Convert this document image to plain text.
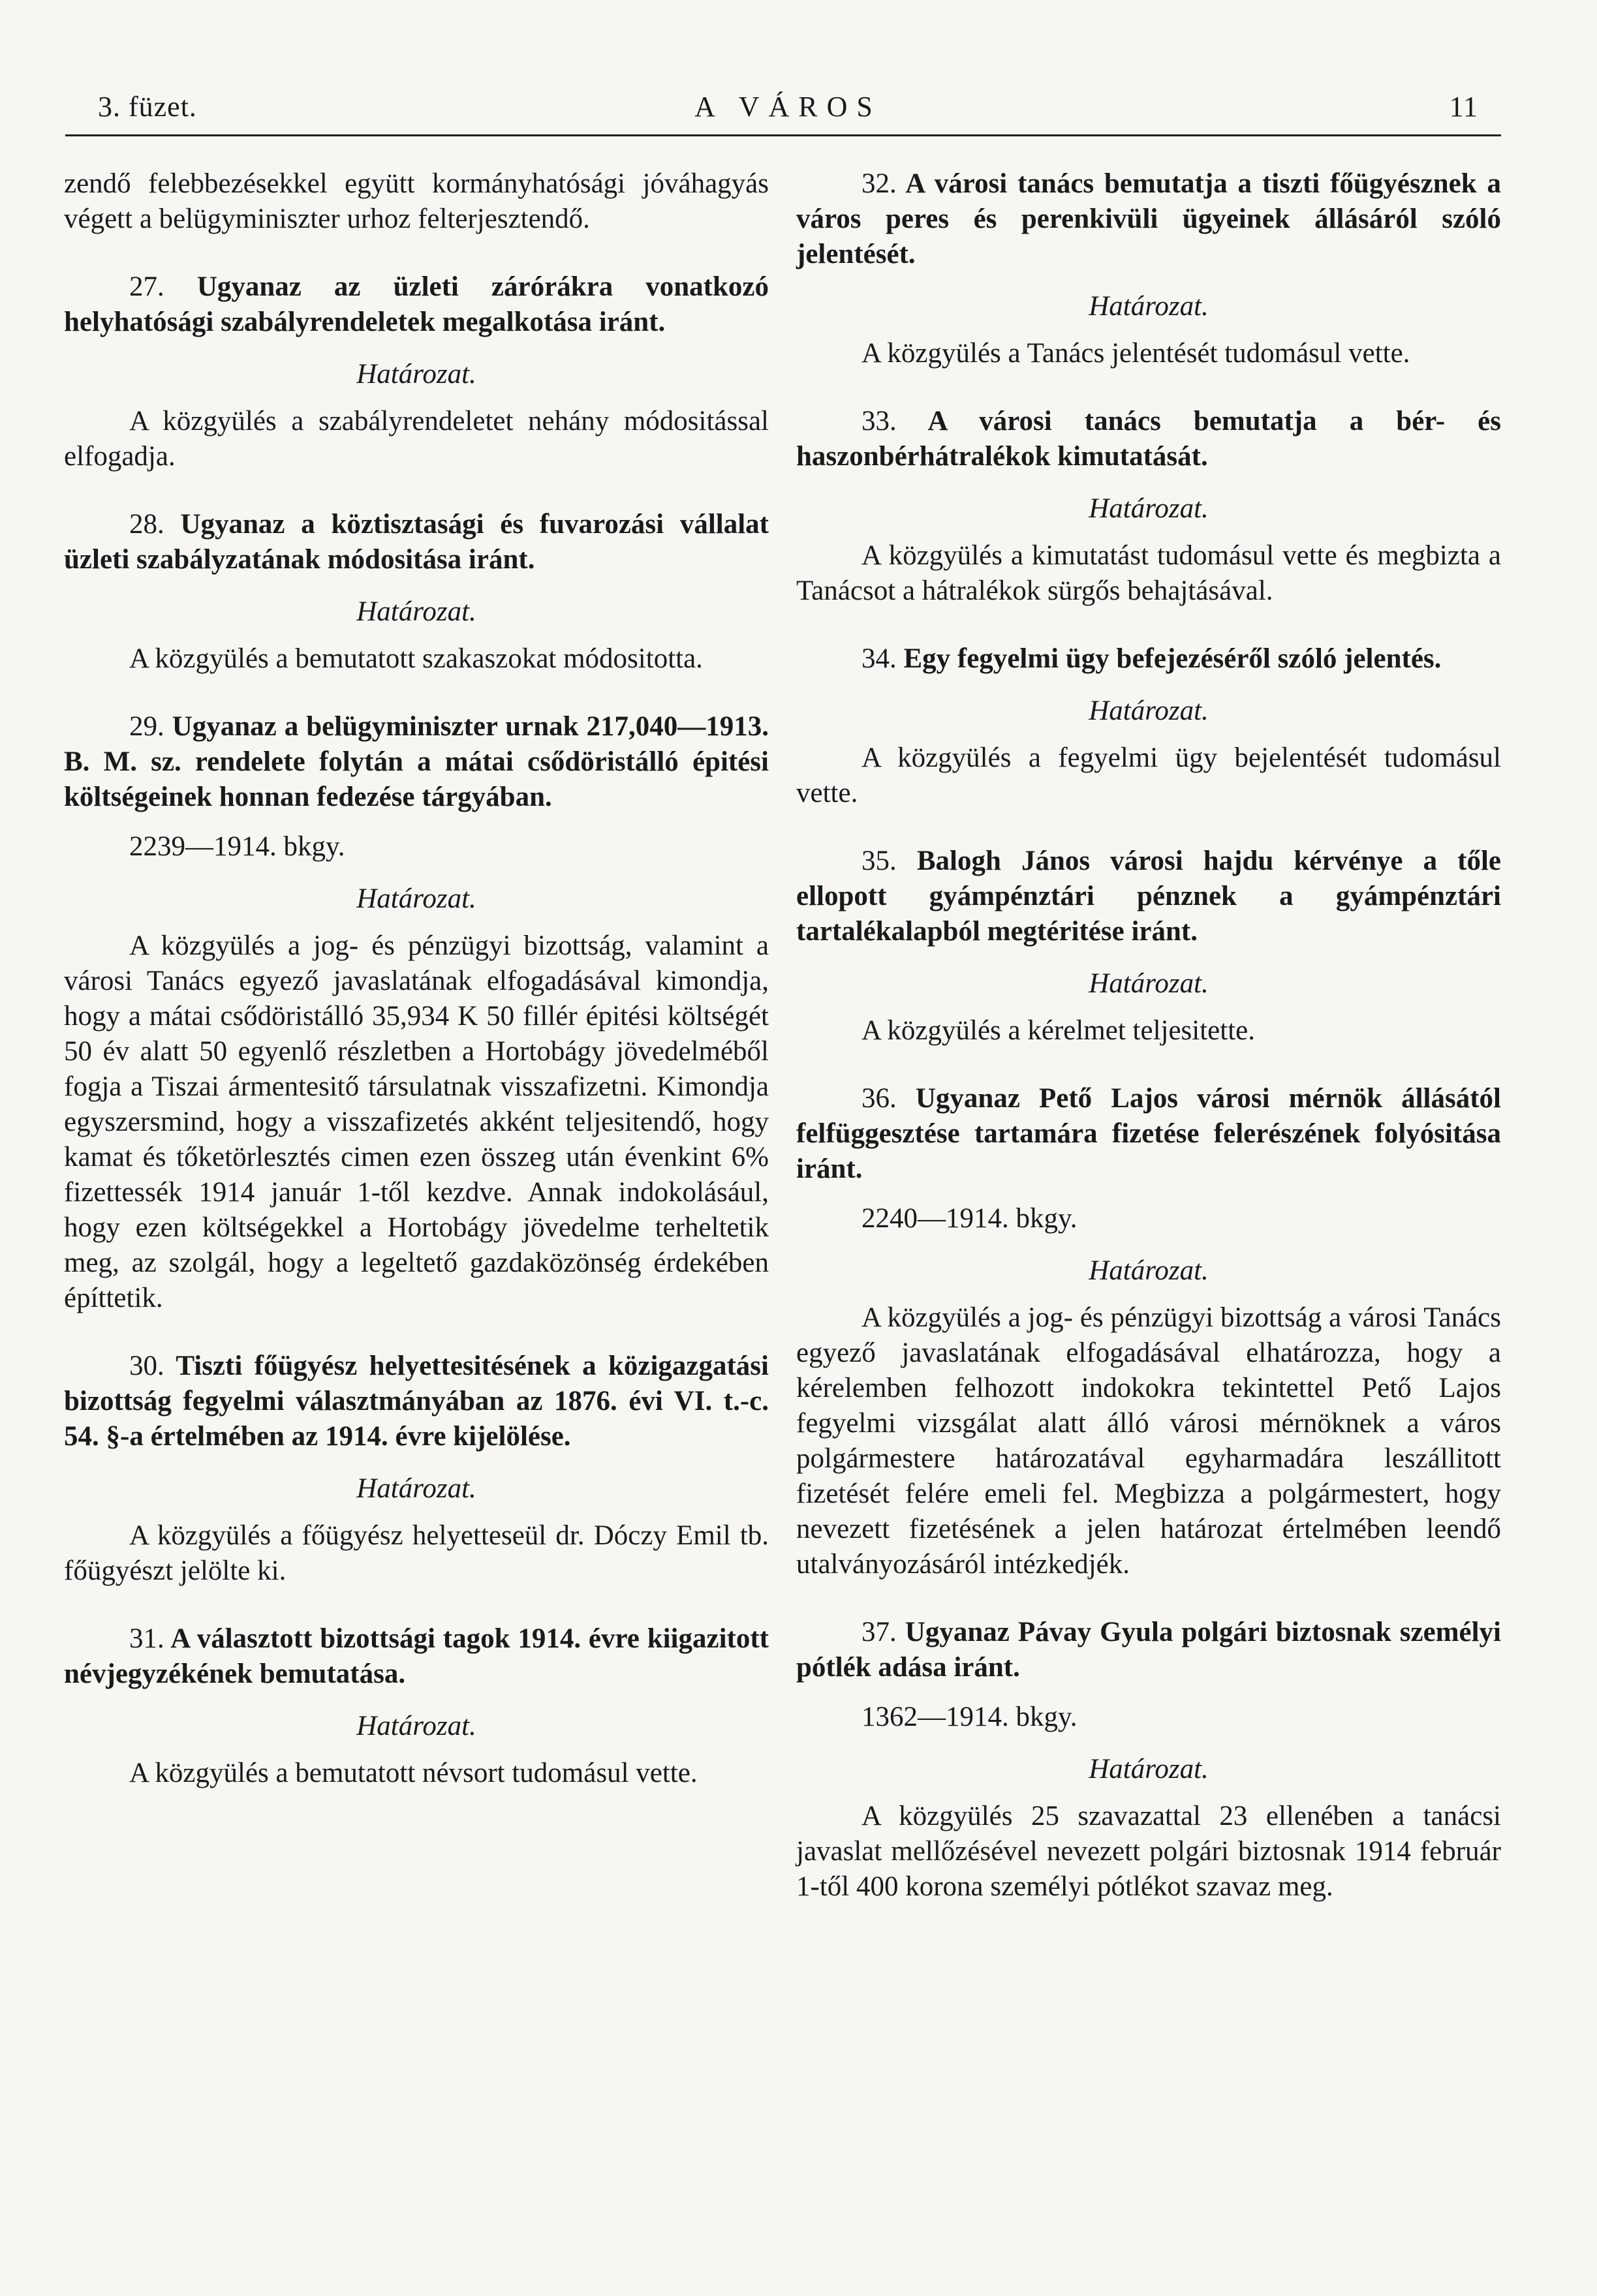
3. füzet.	A VÁROS	11

zendő felebbezésekkel együtt kormányhatósági jóváhagyás végett a belügyminiszter urhoz felterjesztendő.

27. Ugyanaz az üzleti zárórákra vonatkozó helyhatósági szabályrendeletek megalkotása iránt.

Határozat.

A közgyülés a szabályrendeletet nehány módositással elfogadja.

28. Ugyanaz a köztisztasági és fuvarozási vállalat üzleti szabályzatának módositása iránt.

Határozat.

A közgyülés a bemutatott szakaszokat módositotta.

29. Ugyanaz a belügyminiszter urnak 217,040—1913. B. M. sz. rendelete folytán a mátai csődöristálló épitési költségeinek honnan fedezése tárgyában.

2239—1914. bkgy.

Határozat.

A közgyülés a jog- és pénzügyi bizottság, valamint a városi Tanács egyező javaslatának elfogadásával kimondja, hogy a mátai csődöristálló 35,934 K 50 fillér épitési költségét 50 év alatt 50 egyenlő részletben a Hortobágy jövedelméből fogja a Tiszai ármentesitő társulatnak visszafizetni. Kimondja egyszersmind, hogy a visszafizetés akként teljesitendő, hogy kamat és tőketörlesztés cimen ezen összeg után évenkint 6% fizettessék 1914 január 1-től kezdve. Annak indokolásául, hogy ezen költségekkel a Hortobágy jövedelme terheltetik meg, az szolgál, hogy a legeltető gazdaközönség érdekében építtetik.

30. Tiszti főügyész helyettesitésének a közigazgatási bizottság fegyelmi választmányában az 1876. évi VI. t.-c. 54. §-a értelmében az 1914. évre kijelölése.

Határozat.

A közgyülés a főügyész helyetteseül dr. Dóczy Emil tb. főügyészt jelölte ki.

31. A választott bizottsági tagok 1914. évre kiigazitott névjegyzékének bemutatása.

Határozat.

A közgyülés a bemutatott névsort tudomásul vette.

32. A városi tanács bemutatja a tiszti főügyésznek a város peres és perenkivüli ügyeinek állásáról szóló jelentését.

Határozat.

A közgyülés a Tanács jelentését tudomásul vette.

33. A városi tanács bemutatja a bér- és haszonbérhátralékok kimutatását.

Határozat.

A közgyülés a kimutatást tudomásul vette és megbizta a Tanácsot a hátralékok sürgős behajtásával.

34. Egy fegyelmi ügy befejezéséről szóló jelentés.

Határozat.

A közgyülés a fegyelmi ügy bejelentését tudomásul vette.

35. Balogh János városi hajdu kérvénye a tőle ellopott gyámpénztári pénznek a gyámpénztári tartalékalapból megtéritése iránt.

Határozat.

A közgyülés a kérelmet teljesitette.

36. Ugyanaz Pető Lajos városi mérnök állásától felfüggesztése tartamára fizetése felerészének folyósitása iránt.

2240—1914. bkgy.

Határozat.

A közgyülés a jog- és pénzügyi bizottság a városi Tanács egyező javaslatának elfogadásával elhatározza, hogy a kérelemben felhozott indokokra tekintettel Pető Lajos fegyelmi vizsgálat alatt álló városi mérnöknek a város polgármestere határozatával egyharmadára leszállitott fizetését felére emeli fel. Megbizza a polgármestert, hogy nevezett fizetésének a jelen határozat értelmében leendő utalványozásáról intézkedjék.

37. Ugyanaz Pávay Gyula polgári biztosnak személyi pótlék adása iránt.

1362—1914. bkgy.

Határozat.

A közgyülés 25 szavazattal 23 ellenében a tanácsi javaslat mellőzésével nevezett polgári biztosnak 1914 február 1-től 400 korona személyi pótlékot szavaz meg.
